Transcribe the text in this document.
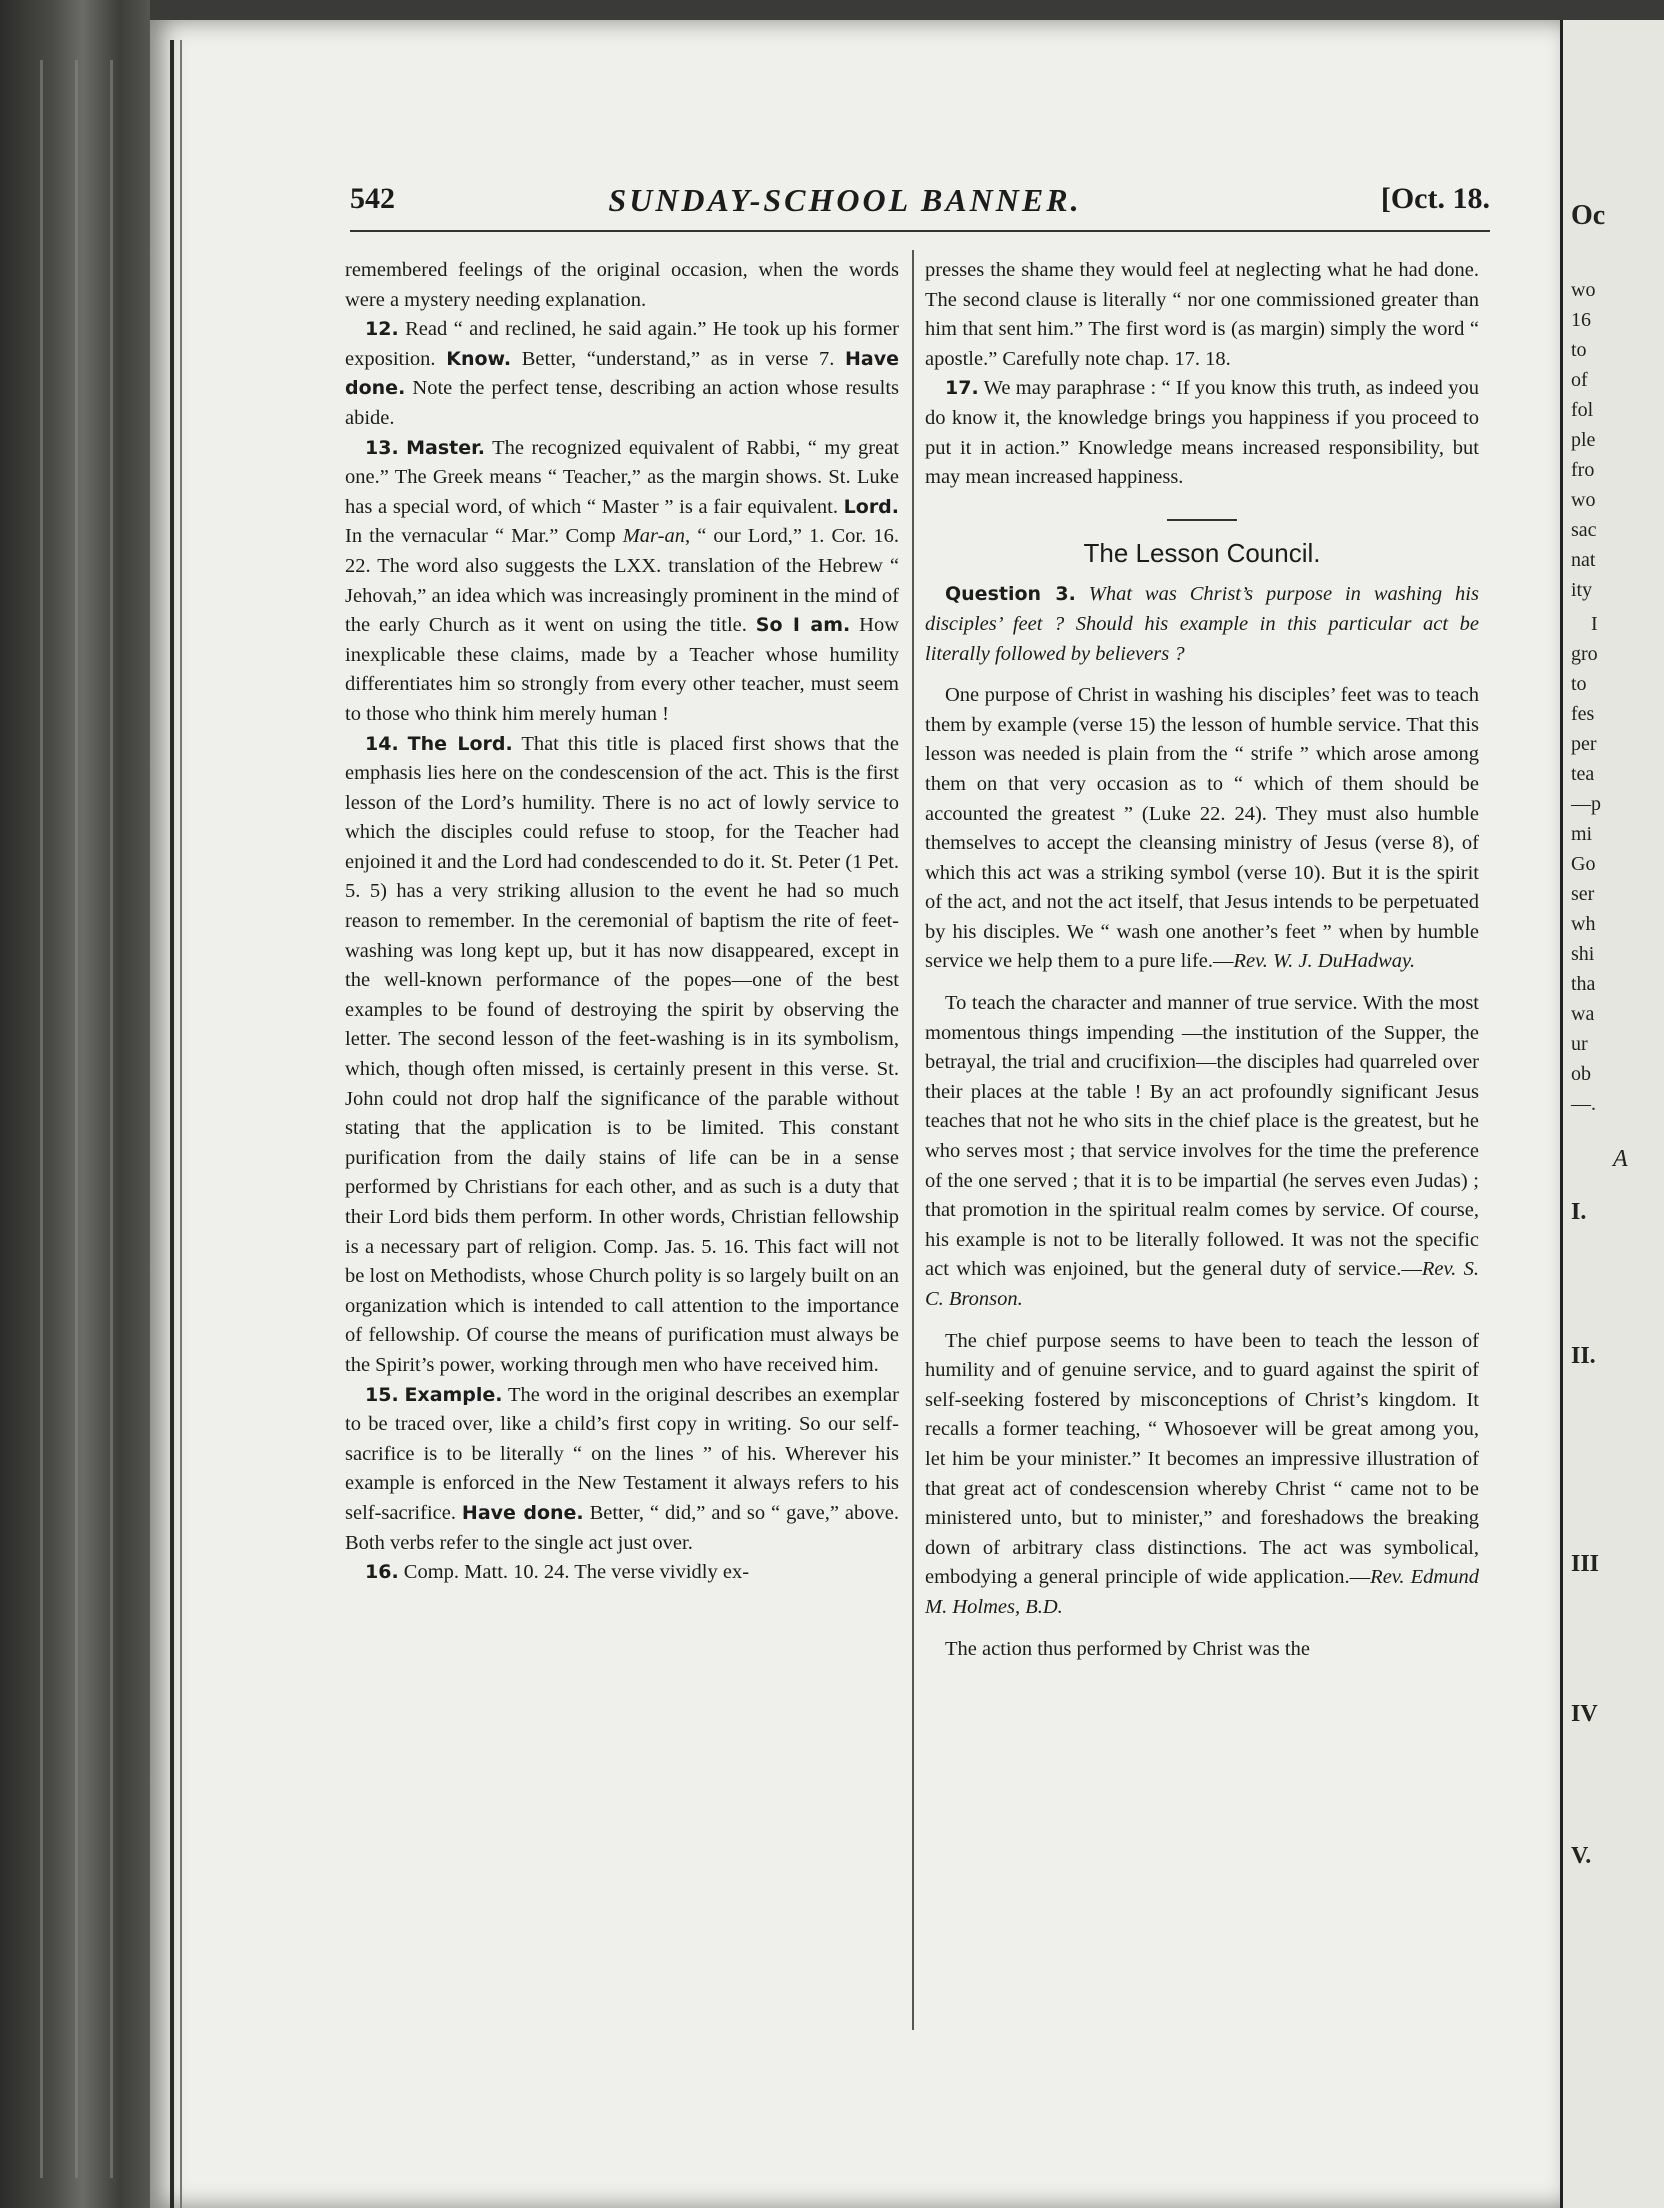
Oc
wo
16
to
of
fol
ple
fro
wo
sac
nat
ity
I
gro
to
fes
per
tea
—p
mi
Go
ser
wh
shi
tha
wa
ur
ob
—.
A
I.
II.
III
IV
V.
542	SUNDAY-SCHOOL BANNER.	[Oct. 18.

remembered feelings of the original occasion, when the words were a mystery needing explanation.

12. Read “ and reclined, he said again.” He took up his former exposition. Know. Better, “understand,” as in verse 7. Have done. Note the perfect tense, describing an action whose results abide.

13. Master. The recognized equivalent of Rabbi, “ my great one.” The Greek means “ Teacher,” as the margin shows. St. Luke has a special word, of which “ Master ” is a fair equivalent. Lord. In the vernacular “ Mar.” Comp Mar-an, “ our Lord,” 1. Cor. 16. 22. The word also suggests the LXX. translation of the Hebrew “ Jehovah,” an idea which was increasingly prominent in the mind of the early Church as it went on using the title. So I am. How inexplicable these claims, made by a Teacher whose humility differentiates him so strongly from every other teacher, must seem to those who think him merely human !

14. The Lord. That this title is placed first shows that the emphasis lies here on the condescension of the act. This is the first lesson of the Lord’s humility. There is no act of lowly service to which the disciples could refuse to stoop, for the Teacher had enjoined it and the Lord had condescended to do it. St. Peter (1 Pet. 5. 5) has a very striking allusion to the event he had so much reason to remember. In the ceremonial of baptism the rite of feet-washing was long kept up, but it has now disappeared, except in the well-known performance of the popes—one of the best examples to be found of destroying the spirit by observing the letter. The second lesson of the feet-washing is in its symbolism, which, though often missed, is certainly present in this verse. St. John could not drop half the significance of the parable without stating that the application is to be limited. This constant purification from the daily stains of life can be in a sense performed by Christians for each other, and as such is a duty that their Lord bids them perform. In other words, Christian fellowship is a necessary part of religion. Comp. Jas. 5. 16. This fact will not be lost on Methodists, whose Church polity is so largely built on an organization which is intended to call attention to the importance of fellowship. Of course the means of purification must always be the Spirit’s power, working through men who have received him.

15. Example. The word in the original describes an exemplar to be traced over, like a child’s first copy in writing. So our self-sacrifice is to be literally “ on the lines ” of his. Wherever his example is enforced in the New Testament it always refers to his self-sacrifice. Have done. Better, “ did,” and so “ gave,” above. Both verbs refer to the single act just over.

16. Comp. Matt. 10. 24. The verse vividly ex-

presses the shame they would feel at neglecting what he had done. The second clause is literally “ nor one commissioned greater than him that sent him.” The first word is (as margin) simply the word “ apostle.” Carefully note chap. 17. 18.

17. We may paraphrase : “ If you know this truth, as indeed you do know it, the knowledge brings you happiness if you proceed to put it in action.” Knowledge means increased responsibility, but may mean increased happiness.

The Lesson Council.

Question 3. What was Christ’s purpose in washing his disciples’ feet ? Should his example in this particular act be literally followed by believers ?

One purpose of Christ in washing his disciples’ feet was to teach them by example (verse 15) the lesson of humble service. That this lesson was needed is plain from the “ strife ” which arose among them on that very occasion as to “ which of them should be accounted the greatest ” (Luke 22. 24). They must also humble themselves to accept the cleansing ministry of Jesus (verse 8), of which this act was a striking symbol (verse 10). But it is the spirit of the act, and not the act itself, that Jesus intends to be perpetuated by his disciples. We “ wash one another’s feet ” when by humble service we help them to a pure life.—Rev. W. J. DuHadway.

To teach the character and manner of true service. With the most momentous things impending —the institution of the Supper, the betrayal, the trial and crucifixion—the disciples had quarreled over their places at the table ! By an act profoundly significant Jesus teaches that not he who sits in the chief place is the greatest, but he who serves most ; that service involves for the time the preference of the one served ; that it is to be impartial (he serves even Judas) ; that promotion in the spiritual realm comes by service. Of course, his example is not to be literally followed. It was not the specific act which was enjoined, but the general duty of service.—Rev. S. C. Bronson.

The chief purpose seems to have been to teach the lesson of humility and of genuine service, and to guard against the spirit of self-seeking fostered by misconceptions of Christ’s kingdom. It recalls a former teaching, “ Whosoever will be great among you, let him be your minister.” It becomes an impressive illustration of that great act of condescension whereby Christ “ came not to be ministered unto, but to minister,” and foreshadows the breaking down of arbitrary class distinctions. The act was symbolical, embodying a general principle of wide application.—Rev. Edmund M. Holmes, B.D.

The action thus performed by Christ was the
